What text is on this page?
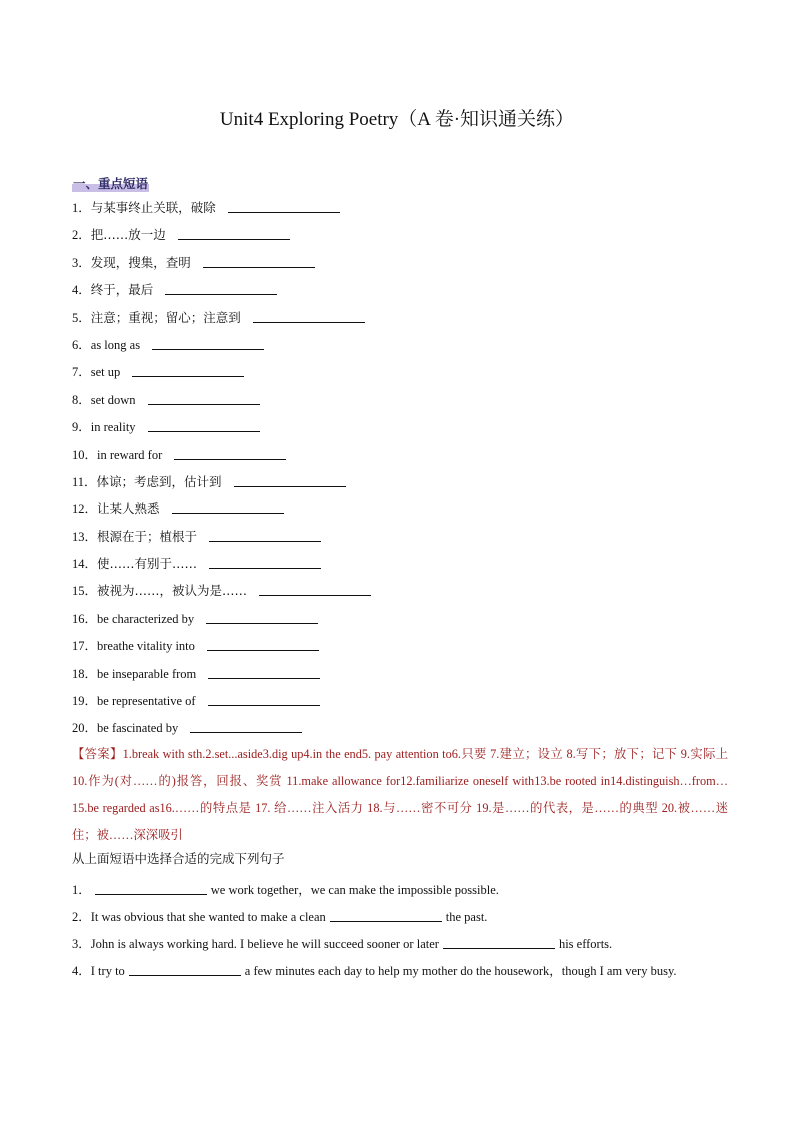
Unit4 Exploring Poetry（A 卷·知识通关练）
一、重点短语
1．与某事终止关联，破除
2．把……放一边
3．发现，搜集，查明
4．终于，最后
5．注意；重视；留心；注意到
6．as long as
7．set up
8．set down
9．in reality
10．in reward for
11．体谅；考虑到，估计到
12．让某人熟悉
13．根源在于；植根于
14．使……有别于……
15．被视为……，被认为是……
16．be characterized by
17．breathe vitality into
18．be inseparable from
19．be representative of
20．be fascinated by
【答案】1.break with sth.2.set...aside3.dig up4.in the end5. pay attention to6.只要 7.建立；设立 8.写下；放下；记下 9.实际上 10.作为(对……的)报答，回报、奖赏 11.make allowance for12.familiarize oneself with13.be rooted in14.distinguish…from…15.be regarded as16.……的特点是 17. 给……注入活力 18.与……密不可分 19.是……的代表，是……的典型 20.被……迷住；被……深深吸引
从上面短语中选择合适的完成下列句子
1．	we work together，we can make the impossible possible.
2．It was obvious that she wanted to make a clean	the past.
3．John is always working hard. I believe he will succeed sooner or later	his efforts.
4．I try to	a few minutes each day to help my mother do the housework，though I am very busy.
